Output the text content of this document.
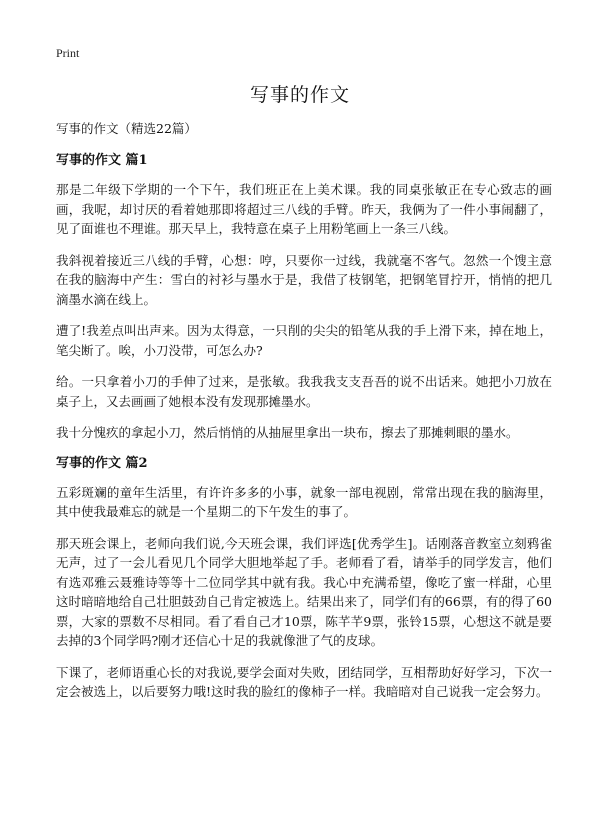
Print
写事的作文

写事的作文（精选22篇）

写事的作文 篇1

那是二年级下学期的一个下午，我们班正在上美术课。我的同桌张敏正在专心致志的画画，我呢，却讨厌的看着她那即将超过三八线的手臂。昨天，我俩为了一件小事闹翻了，见了面谁也不理谁。那天早上，我特意在桌子上用粉笔画上一条三八线。

我斜视着接近三八线的手臂，心想：哼，只要你一过线，我就毫不客气。忽然一个馊主意在我的脑海中产生：雪白的衬衫与墨水于是，我借了枝钢笔，把钢笔冒拧开，悄悄的把几滴墨水滴在线上。

遭了!我差点叫出声来。因为太得意，一只削的尖尖的铅笔从我的手上滑下来，掉在地上，笔尖断了。唉，小刀没带，可怎么办?

给。一只拿着小刀的手伸了过来，是张敏。我我我支支吾吾的说不出话来。她把小刀放在桌子上，又去画画了她根本没有发现那摊墨水。

我十分愧疚的拿起小刀，然后悄悄的从抽屉里拿出一块布，擦去了那摊刺眼的墨水。

写事的作文 篇2

五彩斑斓的童年生活里，有许许多多的小事，就象一部电视剧，常常出现在我的脑海里，其中使我最难忘的就是一个星期二的下午发生的事了。

那天班会课上，老师向我们说,今天班会课，我们评选[优秀学生]。话刚落音教室立刻鸦雀无声，过了一会儿看见几个同学大胆地举起了手。老师看了看，请举手的同学发言，他们有选邓雅云聂雅诗等等十二位同学其中就有我。我心中充满希望，像吃了蜜一样甜，心里这时暗暗地给自己壮胆鼓劲自己肯定被选上。结果出来了，同学们有的66票，有的得了60票，大家的票数不尽相同。看了看自己才10票，陈芊芊9票，张铃15票，心想这不就是要去掉的3个同学吗?刚才还信心十足的我就像泄了气的皮球。

下课了，老师语重心长的对我说,要学会面对失败，团结同学，互相帮助好好学习，下次一定会被选上，以后要努力哦!这时我的脸红的像柿子一样。我暗暗对自己说我一定会努力。
